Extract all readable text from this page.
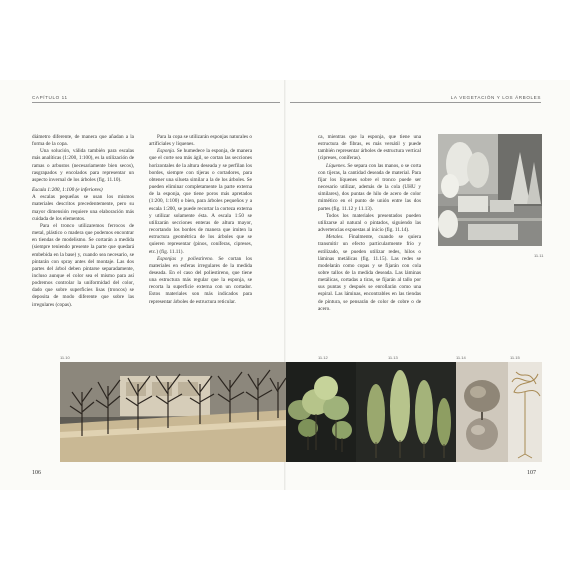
CAPÍTULO 11	LA VEGETACIÓN Y LOS ÁRBOLES

diámetro diferente, de manera que añadan a la forma de la copa.

Una solución, válida también para escalas más analíticas (1:200, 1:100), es la utilización de ramas o arbustos (necesariamente bien secos), rasgrapados y encolados para representar un aspecto invernal de los árboles (fig. 11.10).

Escala 1:200, 1:100 (e inferiores)

A escalas pequeñas se usan los mismos materiales descritos precedentemente, pero su mayor dimensión requiere una elaboración más cuidada de los elementos.

Para el tronco utilizaremos ferrocos de metal, plástico o madera que podemos encontrar en tiendas de modelismo. Se cortarán a medida (siempre teniendo presente la parte que quedará embebida en la base) y, cuando sea necesario, se pintarán con spray antes del montaje. Las dos partes del árbol deben pintarse separadamente, incluso aunque el color sea el mismo para así podremos controlar la uniformidad del color, dado que sobre superficies lisas (troncos) se deposita de modo diferente que sobre las irregulares (copas).

Para la copa se utilizarán esponjas naturales o artificiales y líquenes.

Esponja. Se humedece la esponja, de manera que el corte sea más ágil, se cortan las secciones horizontales de la altura deseada y se perfilan los bordes, siempre con tijeras o cortadores, para obtener una silueta similar a la de los árboles. Se pueden eliminar completamente la parte externa de la esponja, que tiene poros más apretados (1:200, 1:100) o bien, para árboles pequeños y a escala 1:200, se puede recortar la corteza externa y utilizar solamente ésta. A escala 1:50 se utilizarán secciones enteras de altura mayor, recortando los bordes de manera que imiten la estructura geométrica de los árboles que se quieren representar (pinos, coníferas, cipreses, etc.) (fig. 11.11).

Esponjas y poliestireno. Se cortan los materiales en esferas irregulares de la medida deseada. En el caso del poliestireno, que tiene una estructura más regular que la esponja, se recorta la superficie externa con un cortador. Estos materiales son más indicados para representar árboles de estructura reticular.

ca, mientras que la esponja, que tiene una estructura de fibras, es más versátil y puede también representar árboles de estructura vertical (cipreses, coníferas).

Líquenes. Se separa con las manos, o se corta con tijeras, la cantidad deseada de material. Para fijar los líquenes sobre el tronco puede ser necesario utilizar, además de la cola (UHU y similares), dos puntas de hilo de acero de color mimético en el punto de unión entre las dos partes (fig. 11.12 y 11.13).

Todos los materiales presentados pueden utilizarse al natural o pintados, siguiendo las advertencias expuestas al inicio (fig. 11.14).

Metales. Finalmente, cuando se quiera transmitir un efecto particularmente frío y estilizado, se pueden utilizar redes, hilos o láminas metálicas (fig. 11.15). Las redes se modelarán como copas y se fijarán con cola sobre tallos de la medida deseada. Las láminas metálicas, cortadas a tiras, se fijarán al tallo por sus puntas y después se enrollarán como una espiral. Las láminas, encontrables en las tiendas de pintura, se pensarán de color de cobre o de acero.

11.11
11.10	11.12	11.13	11.14	11.15
106	107
